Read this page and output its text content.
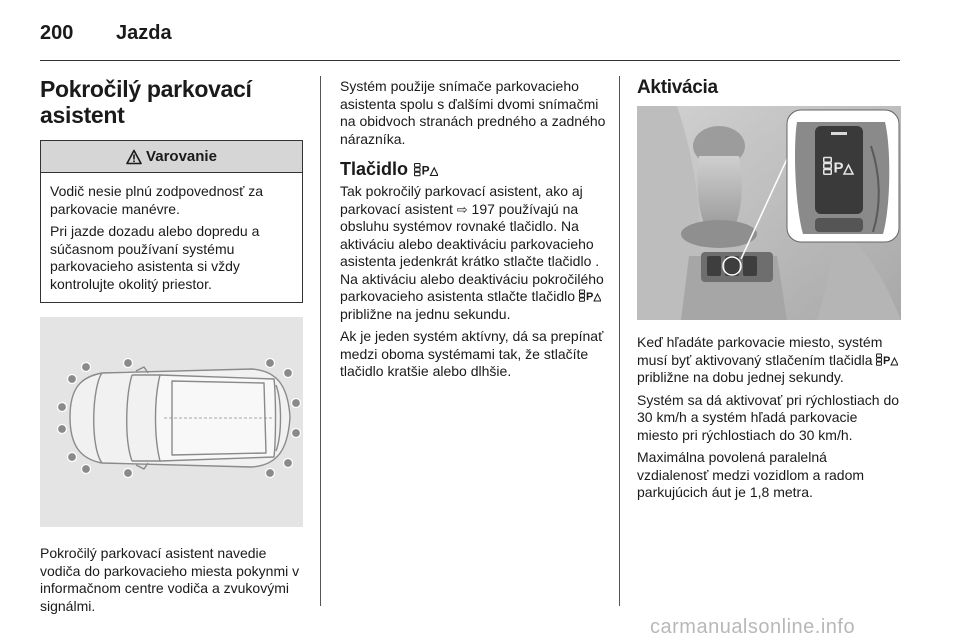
200 Jazda
Pokročilý parkovací
asistent
Varovanie

Vodič nesie plnú zodpovednosť za parkovacie manévre.

Pri jazde dozadu alebo dopredu a súčasnom používaní systému parkovacieho asistenta si vždy kontrolujte okolitý priestor.

Pokročilý parkovací asistent navedie vodiča do parkovacieho miesta pokynmi v informačnom centre vodiča a zvukovými signálmi.

Systém použije snímače parkovacieho asistenta spolu s ďalšími dvomi snímačmi na obidvoch stranách predného a zadného nárazníka.

Tlačidlo

Tak pokročilý parkovací asistent, ako aj parkovací asistent ⇨ 197 používajú na obsluhu systémov rovnaké tlačidlo. Na aktiváciu alebo deaktiváciu parkovacieho asistenta jedenkrát krátko stlačte tlačidlo . Na aktiváciu alebo deaktiváciu pokročilého parkovacieho asistenta stlačte tlačidlo  približne na jednu sekundu.

Ak je jeden systém aktívny, dá sa prepínať medzi oboma systémami tak, že stlačíte tlačidlo kratšie alebo dlhšie.

Aktivácia
P

Keď hľadáte parkovacie miesto, systém musí byť aktivovaný stlačením tlačidla  približne na dobu jednej sekundy.

Systém sa dá aktivovať pri rýchlostiach do 30 km/h a systém hľadá parkovacie miesto pri rýchlostiach do 30 km/h.

Maximálna povolená paralelná vzdialenosť medzi vozidlom a radom parkujúcich áut je 1,8 metra.

carmanualsonline.info
